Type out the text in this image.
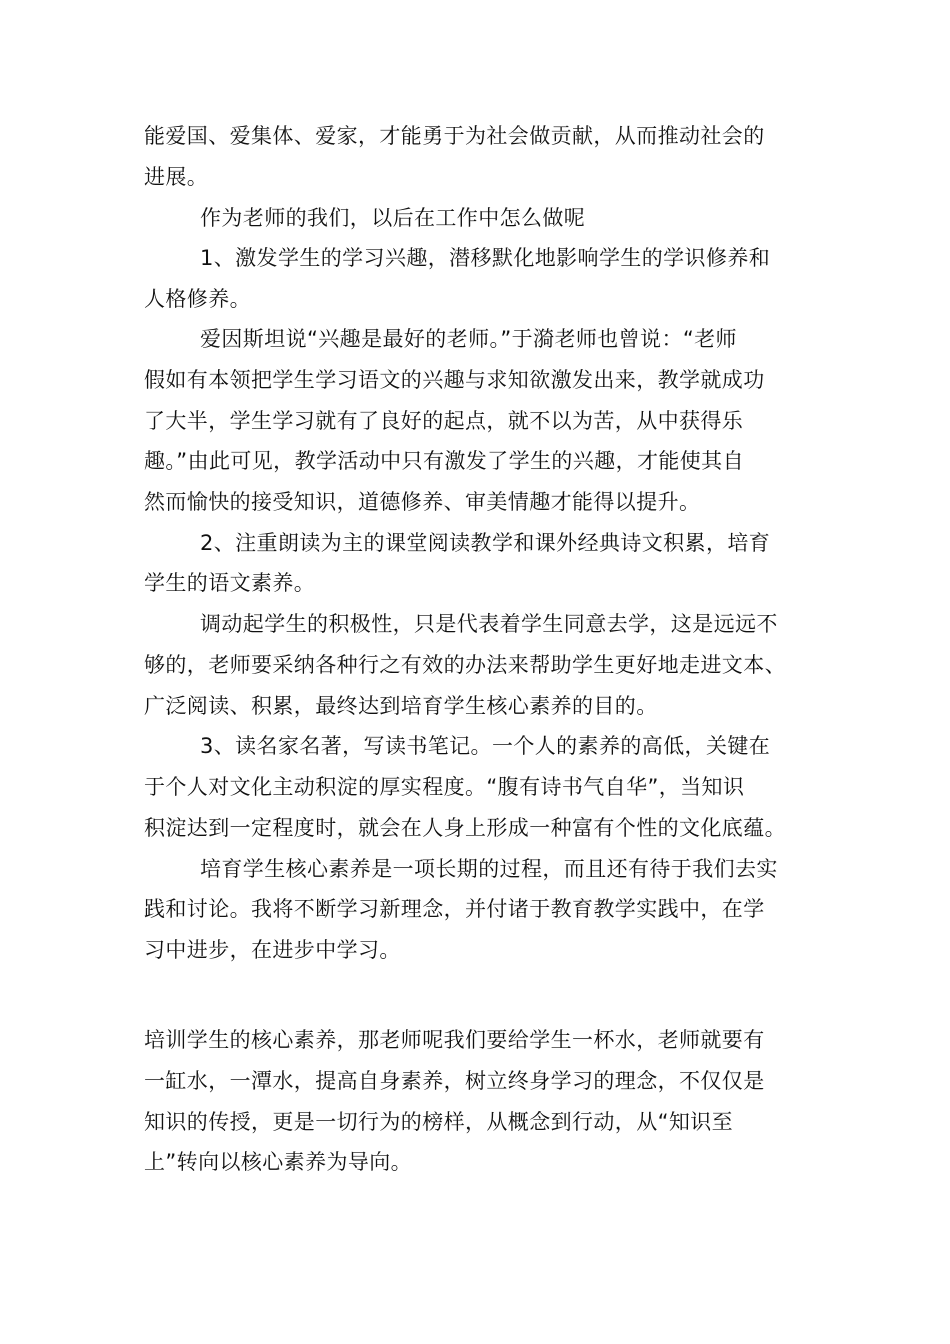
能爱国、爱集体、爱家，才能勇于为社会做贡献，从而推动社会的
进展。
作为老师的我们，以后在工作中怎么做呢
1、激发学生的学习兴趣，潜移默化地影响学生的学识修养和
人格修养。
爱因斯坦说“兴趣是最好的老师。”于漪老师也曾说：“老师
假如有本领把学生学习语文的兴趣与求知欲激发出来，教学就成功
了大半，学生学习就有了良好的起点，就不以为苦，从中获得乐
趣。”由此可见，教学活动中只有激发了学生的兴趣，才能使其自
然而愉快的接受知识，道德修养、审美情趣才能得以提升。
2、注重朗读为主的课堂阅读教学和课外经典诗文积累，培育
学生的语文素养。
调动起学生的积极性，只是代表着学生同意去学，这是远远不
够的，老师要采纳各种行之有效的办法来帮助学生更好地走进文本、
广泛阅读、积累，最终达到培育学生核心素养的目的。
3、读名家名著，写读书笔记。一个人的素养的高低，关键在
于个人对文化主动积淀的厚实程度。“腹有诗书气自华”，当知识
积淀达到一定程度时，就会在人身上形成一种富有个性的文化底蕴。
培育学生核心素养是一项长期的过程，而且还有待于我们去实
践和讨论。我将不断学习新理念，并付诸于教育教学实践中，在学
习中进步，在进步中学习。
培训学生的核心素养，那老师呢我们要给学生一杯水，老师就要有
一缸水，一潭水，提高自身素养，树立终身学习的理念，不仅仅是
知识的传授，更是一切行为的榜样，从概念到行动，从“知识至
上”转向以核心素养为导向。
